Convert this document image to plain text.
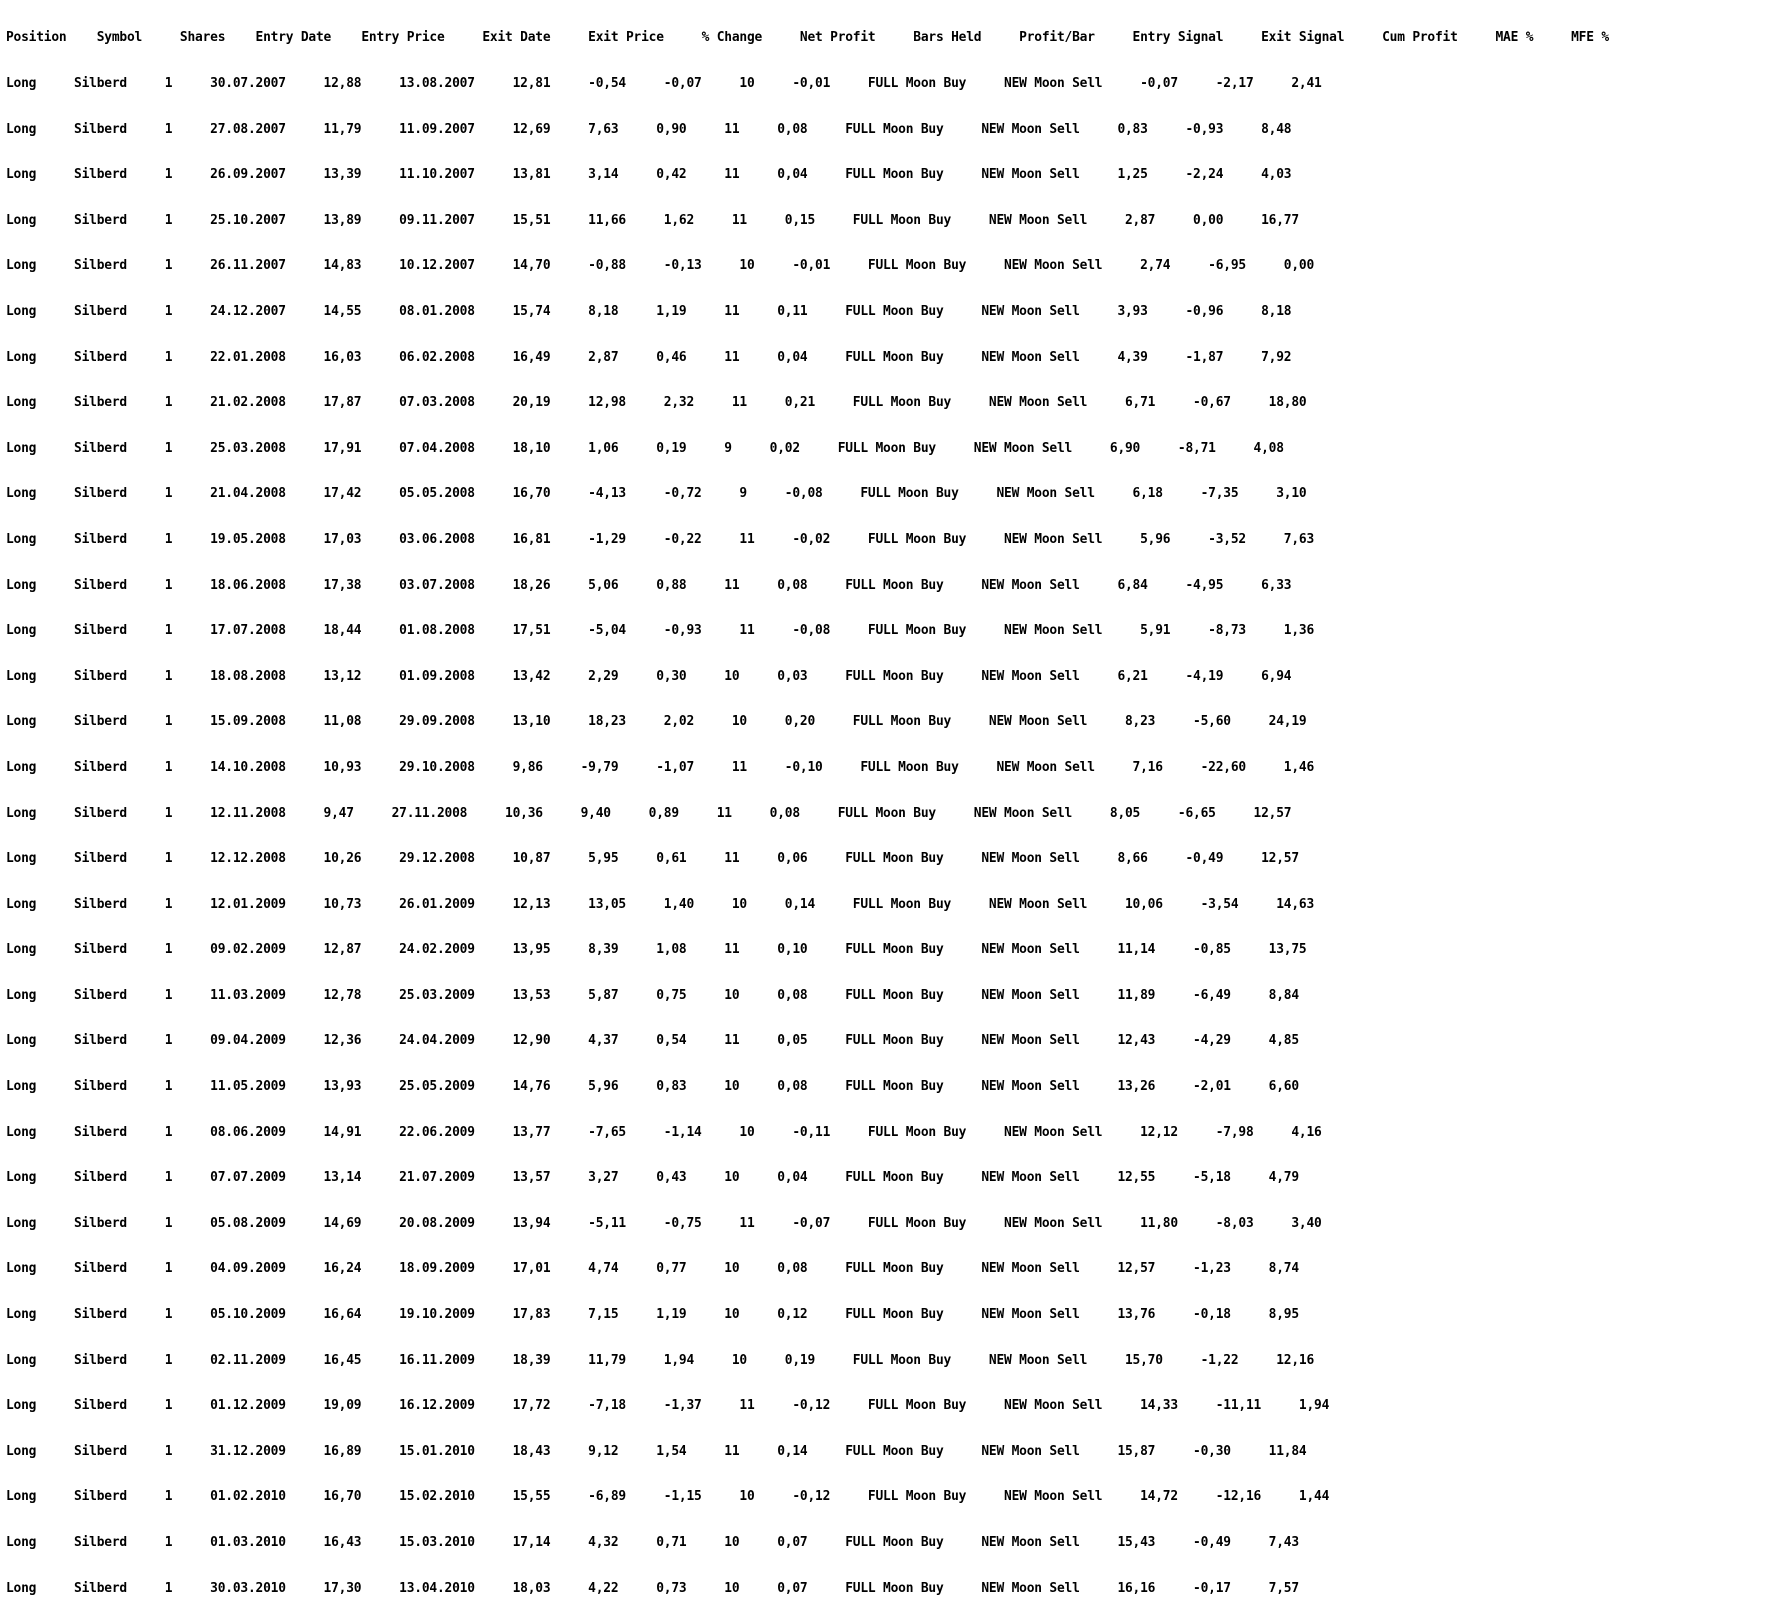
Position    Symbol     Shares    Entry Date    Entry Price     Exit Date     Exit Price     % Change     Net Profit     Bars Held     Profit/Bar     Entry Signal     Exit Signal     Cum Profit     MAE %     MFE %

Long     Silberd     1     30.07.2007     12,88     13.08.2007     12,81     -0,54     -0,07     10     -0,01     FULL Moon Buy     NEW Moon Sell     -0,07     -2,17     2,41

Long     Silberd     1     27.08.2007     11,79     11.09.2007     12,69     7,63     0,90     11     0,08     FULL Moon Buy     NEW Moon Sell     0,83     -0,93     8,48

Long     Silberd     1     26.09.2007     13,39     11.10.2007     13,81     3,14     0,42     11     0,04     FULL Moon Buy     NEW Moon Sell     1,25     -2,24     4,03

Long     Silberd     1     25.10.2007     13,89     09.11.2007     15,51     11,66     1,62     11     0,15     FULL Moon Buy     NEW Moon Sell     2,87     0,00     16,77

Long     Silberd     1     26.11.2007     14,83     10.12.2007     14,70     -0,88     -0,13     10     -0,01     FULL Moon Buy     NEW Moon Sell     2,74     -6,95     0,00

Long     Silberd     1     24.12.2007     14,55     08.01.2008     15,74     8,18     1,19     11     0,11     FULL Moon Buy     NEW Moon Sell     3,93     -0,96     8,18

Long     Silberd     1     22.01.2008     16,03     06.02.2008     16,49     2,87     0,46     11     0,04     FULL Moon Buy     NEW Moon Sell     4,39     -1,87     7,92

Long     Silberd     1     21.02.2008     17,87     07.03.2008     20,19     12,98     2,32     11     0,21     FULL Moon Buy     NEW Moon Sell     6,71     -0,67     18,80

Long     Silberd     1     25.03.2008     17,91     07.04.2008     18,10     1,06     0,19     9     0,02     FULL Moon Buy     NEW Moon Sell     6,90     -8,71     4,08

Long     Silberd     1     21.04.2008     17,42     05.05.2008     16,70     -4,13     -0,72     9     -0,08     FULL Moon Buy     NEW Moon Sell     6,18     -7,35     3,10

Long     Silberd     1     19.05.2008     17,03     03.06.2008     16,81     -1,29     -0,22     11     -0,02     FULL Moon Buy     NEW Moon Sell     5,96     -3,52     7,63

Long     Silberd     1     18.06.2008     17,38     03.07.2008     18,26     5,06     0,88     11     0,08     FULL Moon Buy     NEW Moon Sell     6,84     -4,95     6,33

Long     Silberd     1     17.07.2008     18,44     01.08.2008     17,51     -5,04     -0,93     11     -0,08     FULL Moon Buy     NEW Moon Sell     5,91     -8,73     1,36

Long     Silberd     1     18.08.2008     13,12     01.09.2008     13,42     2,29     0,30     10     0,03     FULL Moon Buy     NEW Moon Sell     6,21     -4,19     6,94

Long     Silberd     1     15.09.2008     11,08     29.09.2008     13,10     18,23     2,02     10     0,20     FULL Moon Buy     NEW Moon Sell     8,23     -5,60     24,19

Long     Silberd     1     14.10.2008     10,93     29.10.2008     9,86     -9,79     -1,07     11     -0,10     FULL Moon Buy     NEW Moon Sell     7,16     -22,60     1,46

Long     Silberd     1     12.11.2008     9,47     27.11.2008     10,36     9,40     0,89     11     0,08     FULL Moon Buy     NEW Moon Sell     8,05     -6,65     12,57

Long     Silberd     1     12.12.2008     10,26     29.12.2008     10,87     5,95     0,61     11     0,06     FULL Moon Buy     NEW Moon Sell     8,66     -0,49     12,57

Long     Silberd     1     12.01.2009     10,73     26.01.2009     12,13     13,05     1,40     10     0,14     FULL Moon Buy     NEW Moon Sell     10,06     -3,54     14,63

Long     Silberd     1     09.02.2009     12,87     24.02.2009     13,95     8,39     1,08     11     0,10     FULL Moon Buy     NEW Moon Sell     11,14     -0,85     13,75

Long     Silberd     1     11.03.2009     12,78     25.03.2009     13,53     5,87     0,75     10     0,08     FULL Moon Buy     NEW Moon Sell     11,89     -6,49     8,84

Long     Silberd     1     09.04.2009     12,36     24.04.2009     12,90     4,37     0,54     11     0,05     FULL Moon Buy     NEW Moon Sell     12,43     -4,29     4,85

Long     Silberd     1     11.05.2009     13,93     25.05.2009     14,76     5,96     0,83     10     0,08     FULL Moon Buy     NEW Moon Sell     13,26     -2,01     6,60

Long     Silberd     1     08.06.2009     14,91     22.06.2009     13,77     -7,65     -1,14     10     -0,11     FULL Moon Buy     NEW Moon Sell     12,12     -7,98     4,16

Long     Silberd     1     07.07.2009     13,14     21.07.2009     13,57     3,27     0,43     10     0,04     FULL Moon Buy     NEW Moon Sell     12,55     -5,18     4,79

Long     Silberd     1     05.08.2009     14,69     20.08.2009     13,94     -5,11     -0,75     11     -0,07     FULL Moon Buy     NEW Moon Sell     11,80     -8,03     3,40

Long     Silberd     1     04.09.2009     16,24     18.09.2009     17,01     4,74     0,77     10     0,08     FULL Moon Buy     NEW Moon Sell     12,57     -1,23     8,74

Long     Silberd     1     05.10.2009     16,64     19.10.2009     17,83     7,15     1,19     10     0,12     FULL Moon Buy     NEW Moon Sell     13,76     -0,18     8,95

Long     Silberd     1     02.11.2009     16,45     16.11.2009     18,39     11,79     1,94     10     0,19     FULL Moon Buy     NEW Moon Sell     15,70     -1,22     12,16

Long     Silberd     1     01.12.2009     19,09     16.12.2009     17,72     -7,18     -1,37     11     -0,12     FULL Moon Buy     NEW Moon Sell     14,33     -11,11     1,94

Long     Silberd     1     31.12.2009     16,89     15.01.2010     18,43     9,12     1,54     11     0,14     FULL Moon Buy     NEW Moon Sell     15,87     -0,30     11,84

Long     Silberd     1     01.02.2010     16,70     15.02.2010     15,55     -6,89     -1,15     10     -0,12     FULL Moon Buy     NEW Moon Sell     14,72     -12,16     1,44

Long     Silberd     1     01.03.2010     16,43     15.03.2010     17,14     4,32     0,71     10     0,07     FULL Moon Buy     NEW Moon Sell     15,43     -0,49     7,43

Long     Silberd     1     30.03.2010     17,30     13.04.2010     18,03     4,22     0,73     10     0,07     FULL Moon Buy     NEW Moon Sell     16,16     -0,17     7,57
